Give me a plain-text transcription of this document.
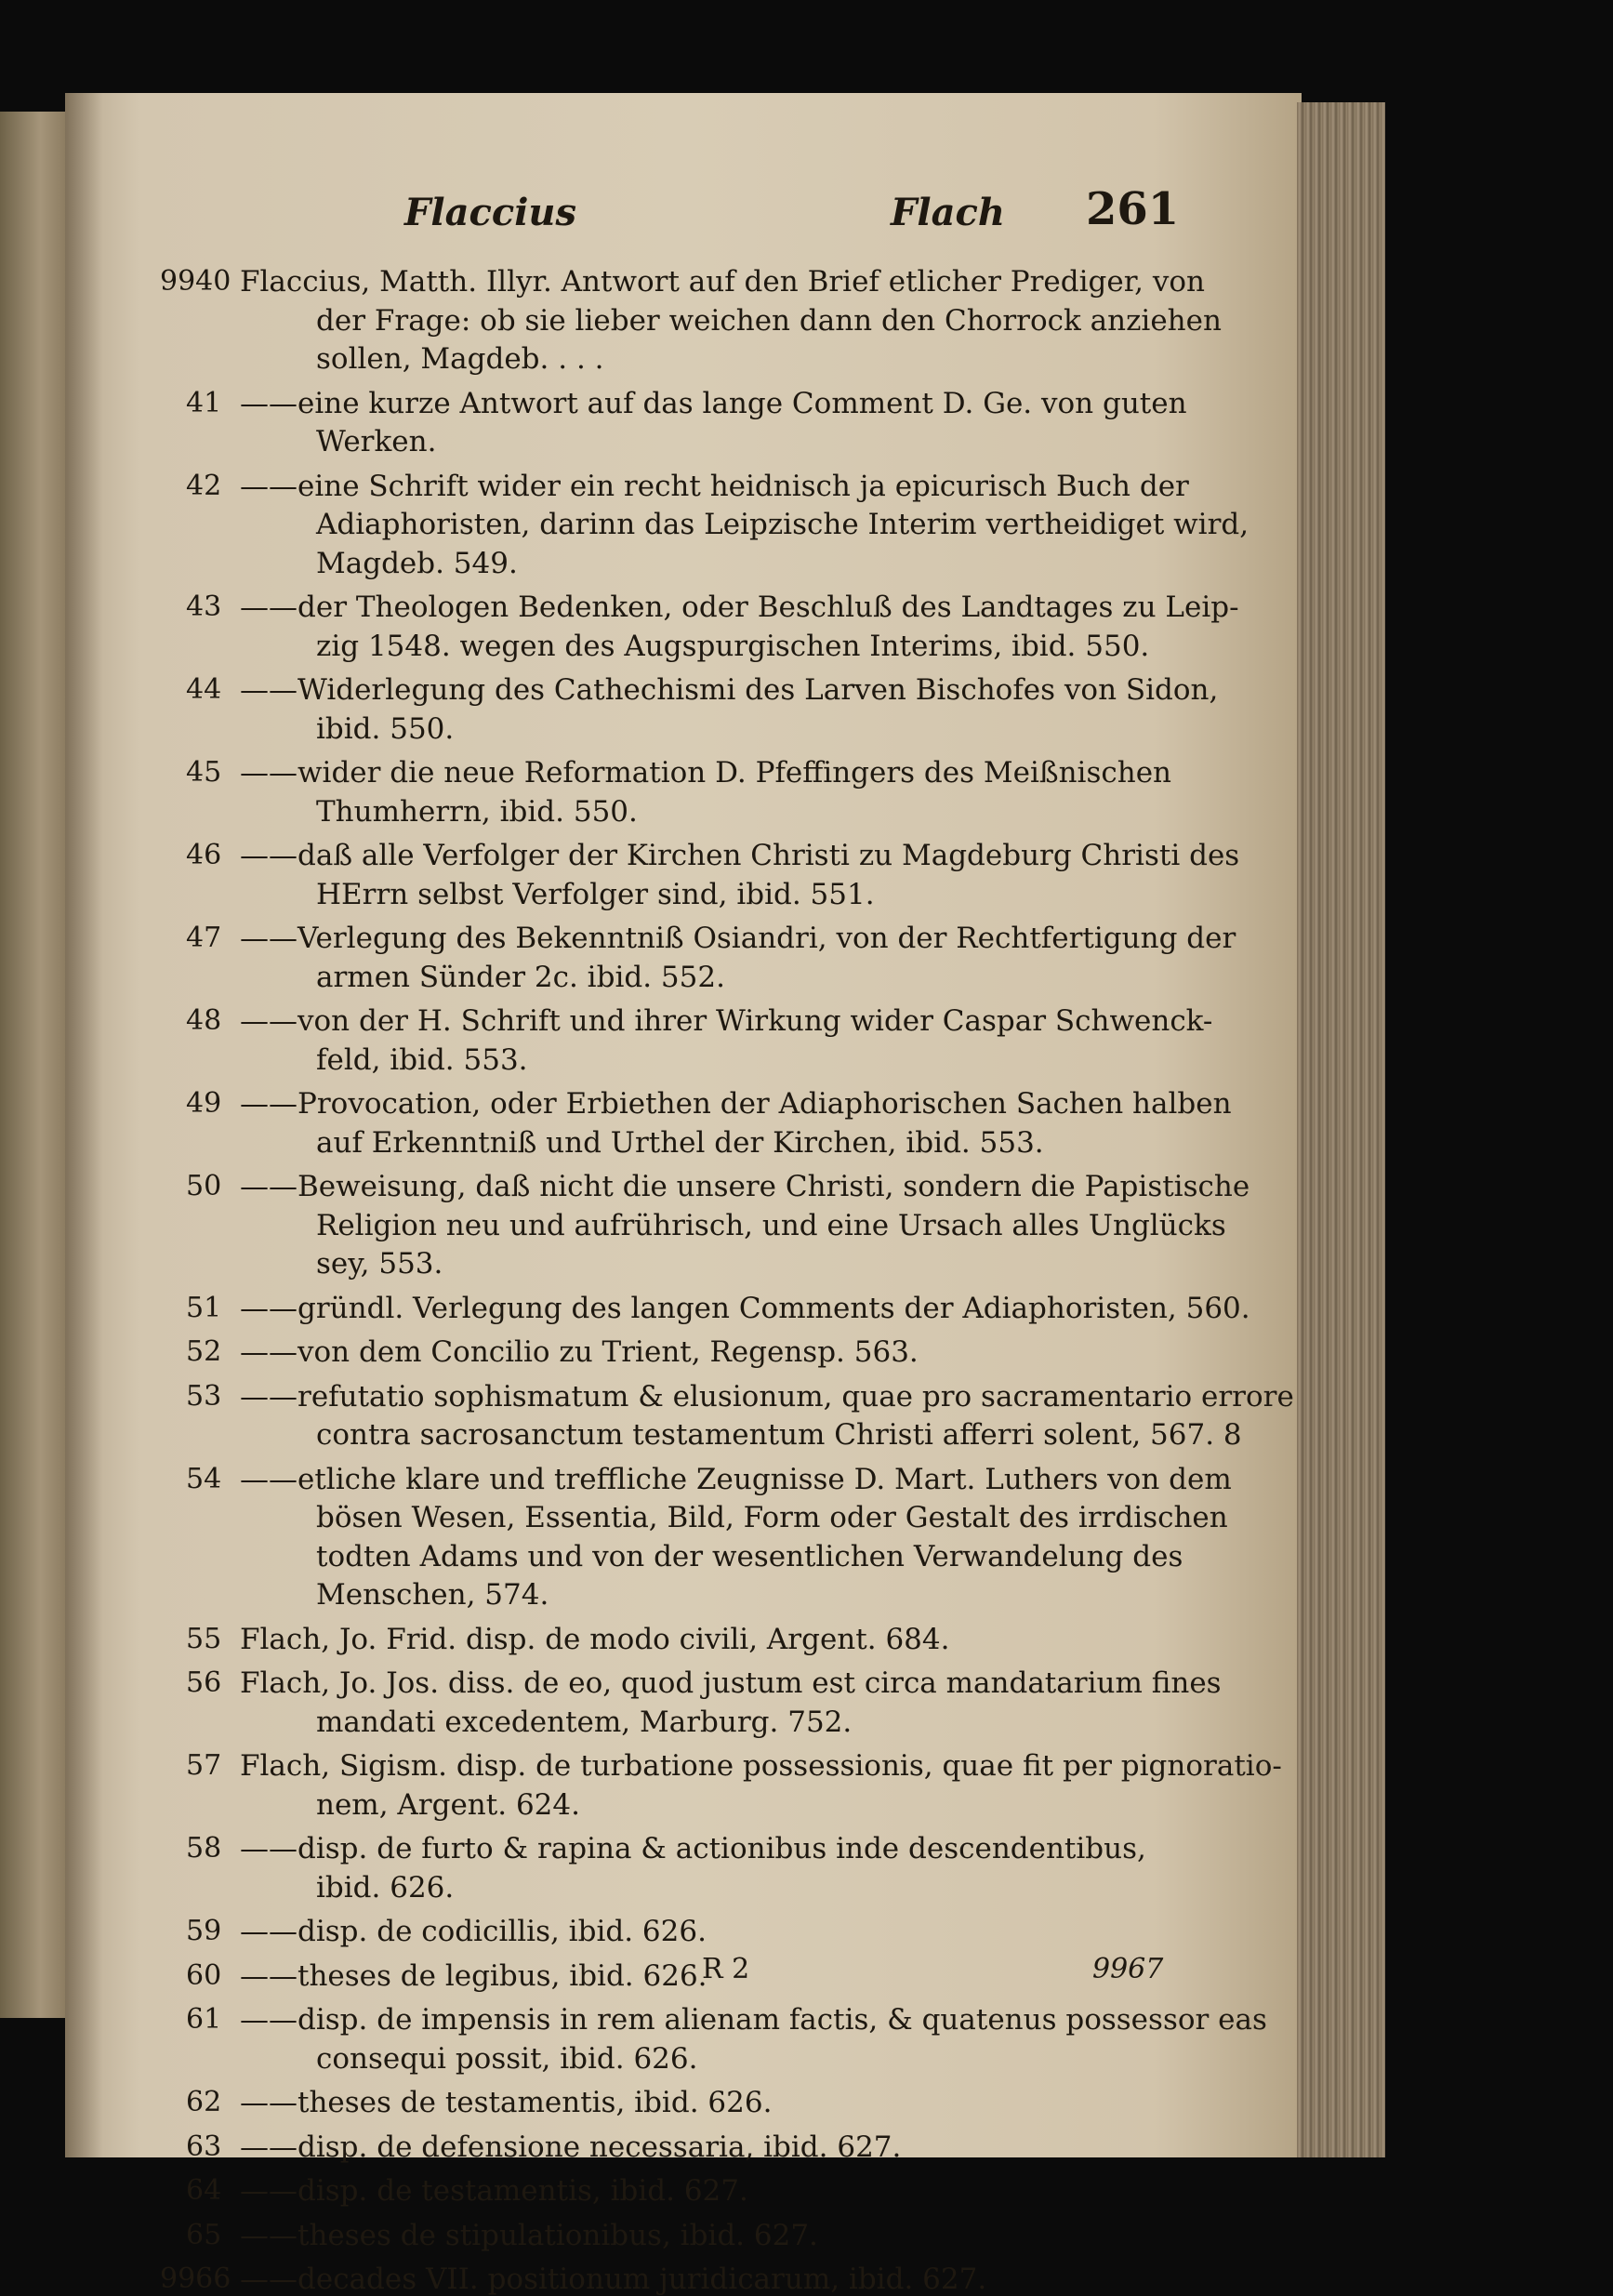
Flaccius	Flach 261
9940 Flaccius, Matth. Illyr. Antwort auf den Brief etlicher Prediger, von
der Frage: ob sie lieber weichen dann den Chorrock anziehen
sollen, Magdeb. . . .
41 ——eine kurze Antwort auf das lange Comment D. Ge. von guten
Werken.
42 ——eine Schrift wider ein recht heidnisch ja epicurisch Buch der
Adiaphoristen, darinn das Leipzische Interim vertheidiget wird,
Magdeb. 549.
43 ——der Theologen Bedenken, oder Beschluß des Landtages zu Leip-
zig 1548. wegen des Augspurgischen Interims, ibid. 550.
44 ——Widerlegung des Cathechismi des Larven Bischofes von Sidon,
ibid. 550.
45 ——wider die neue Reformation D. Pfeffingers des Meißnischen
Thumherrn, ibid. 550.
46 ——daß alle Verfolger der Kirchen Christi zu Magdeburg Christi des
HErrn selbst Verfolger sind, ibid. 551.
47 ——Verlegung des Bekenntniß Osiandri, von der Rechtfertigung der
armen Sünder 2c. ibid. 552.
48 ——von der H. Schrift und ihrer Wirkung wider Caspar Schwenck-
feld, ibid. 553.
49 ——Provocation, oder Erbiethen der Adiaphorischen Sachen halben
auf Erkenntniß und Urthel der Kirchen, ibid. 553.
50 ——Beweisung, daß nicht die unsere Christi, sondern die Papistische
Religion neu und aufrührisch, und eine Ursach alles Unglücks
sey, 553.
51 ——gründl. Verlegung des langen Comments der Adiaphoristen, 560.
52 ——von dem Concilio zu Trient, Regensp. 563.
53 ——refutatio sophismatum & elusionum, quae pro sacramentario errore
contra sacrosanctum testamentum Christi afferri solent, 567. 8
54 ——etliche klare und treffliche Zeugnisse D. Mart. Luthers von dem
bösen Wesen, Essentia, Bild, Form oder Gestalt des irrdischen
todten Adams und von der wesentlichen Verwandelung des
Menschen, 574.
55 Flach, Jo. Frid. disp. de modo civili, Argent. 684.
56 Flach, Jo. Jos. diss. de eo, quod justum est circa mandatarium fines
mandati excedentem, Marburg. 752.
57 Flach, Sigism. disp. de turbatione possessionis, quae fit per pignoratio-
nem, Argent. 624.
58 ——disp. de furto & rapina & actionibus inde descendentibus,
ibid. 626.
59 ——disp. de codicillis, ibid. 626.
60 ——theses de legibus, ibid. 626.
61 ——disp. de impensis in rem alienam factis, & quatenus possessor eas
consequi possit, ibid. 626.
62 ——theses de testamentis, ibid. 626.
63 ——disp. de defensione necessaria, ibid. 627.
64 ——disp. de testamentis, ibid. 627.
65 ——theses de stipulationibus, ibid. 627.
9966 ——decades VII. positionum juridicarum, ibid. 627.
R 2	9967
